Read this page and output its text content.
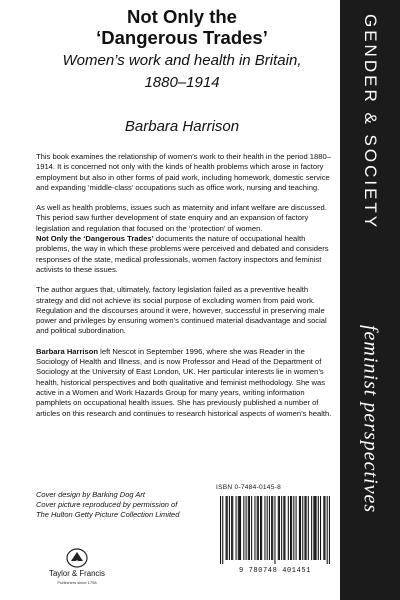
Not Only the
‘Dangerous Trades’
Women’s work and health in Britain,
1880–1914
Barbara Harrison

This book examines the relationship of women’s work to their health in the period 1880–1914. It is concerned not only with the kinds of health problems which arose in factory employment but also in other forms of paid work, including homework, domestic service and expanding ‘middle-class’ occupations such as office work, nursing and teaching.

As well as health problems, issues such as maternity and infant welfare are discussed. This period saw further development of state enquiry and an expansion of factory legislation and regulation that focused on the ‘protection’ of women.

Not Only the ‘Dangerous Trades’ documents the nature of occupational health problems, the way in which these problems were perceived and debated and considers responses of the state, medical professionals, women factory inspectors and feminist activists to these issues.

The author argues that, ultimately, factory legislation failed as a preventive health strategy and did not achieve its social purpose of excluding women from paid work. Regulation and the discourses around it were, however, successful in preserving male power and privileges by ensuring women’s continued material disadvantage and social and political subordination.

Barbara Harrison left Nescot in September 1996, where she was Reader in the Sociology of Health and Illness, and is now Professor and Head of the Department of Sociology at the University of East London, UK. Her particular interests lie in women’s health, historical perspectives and both qualitative and feminist methodology. She was active in a Women and Work Hazards Group for many years, writing information pamphlets on occupational health issues. She has previously published a number of articles on this research and continues to research historical aspects of women’s health.

Cover design by Barking Dog Art
Cover picture reproduced by permission of
The Hulton Getty Picture Collection Limited
Taylor & Francis
Publishers since 1798
ISBN 0-7484-0145-8
9 780748 401451
GENDER & SOCIETY
feminist perspectives
